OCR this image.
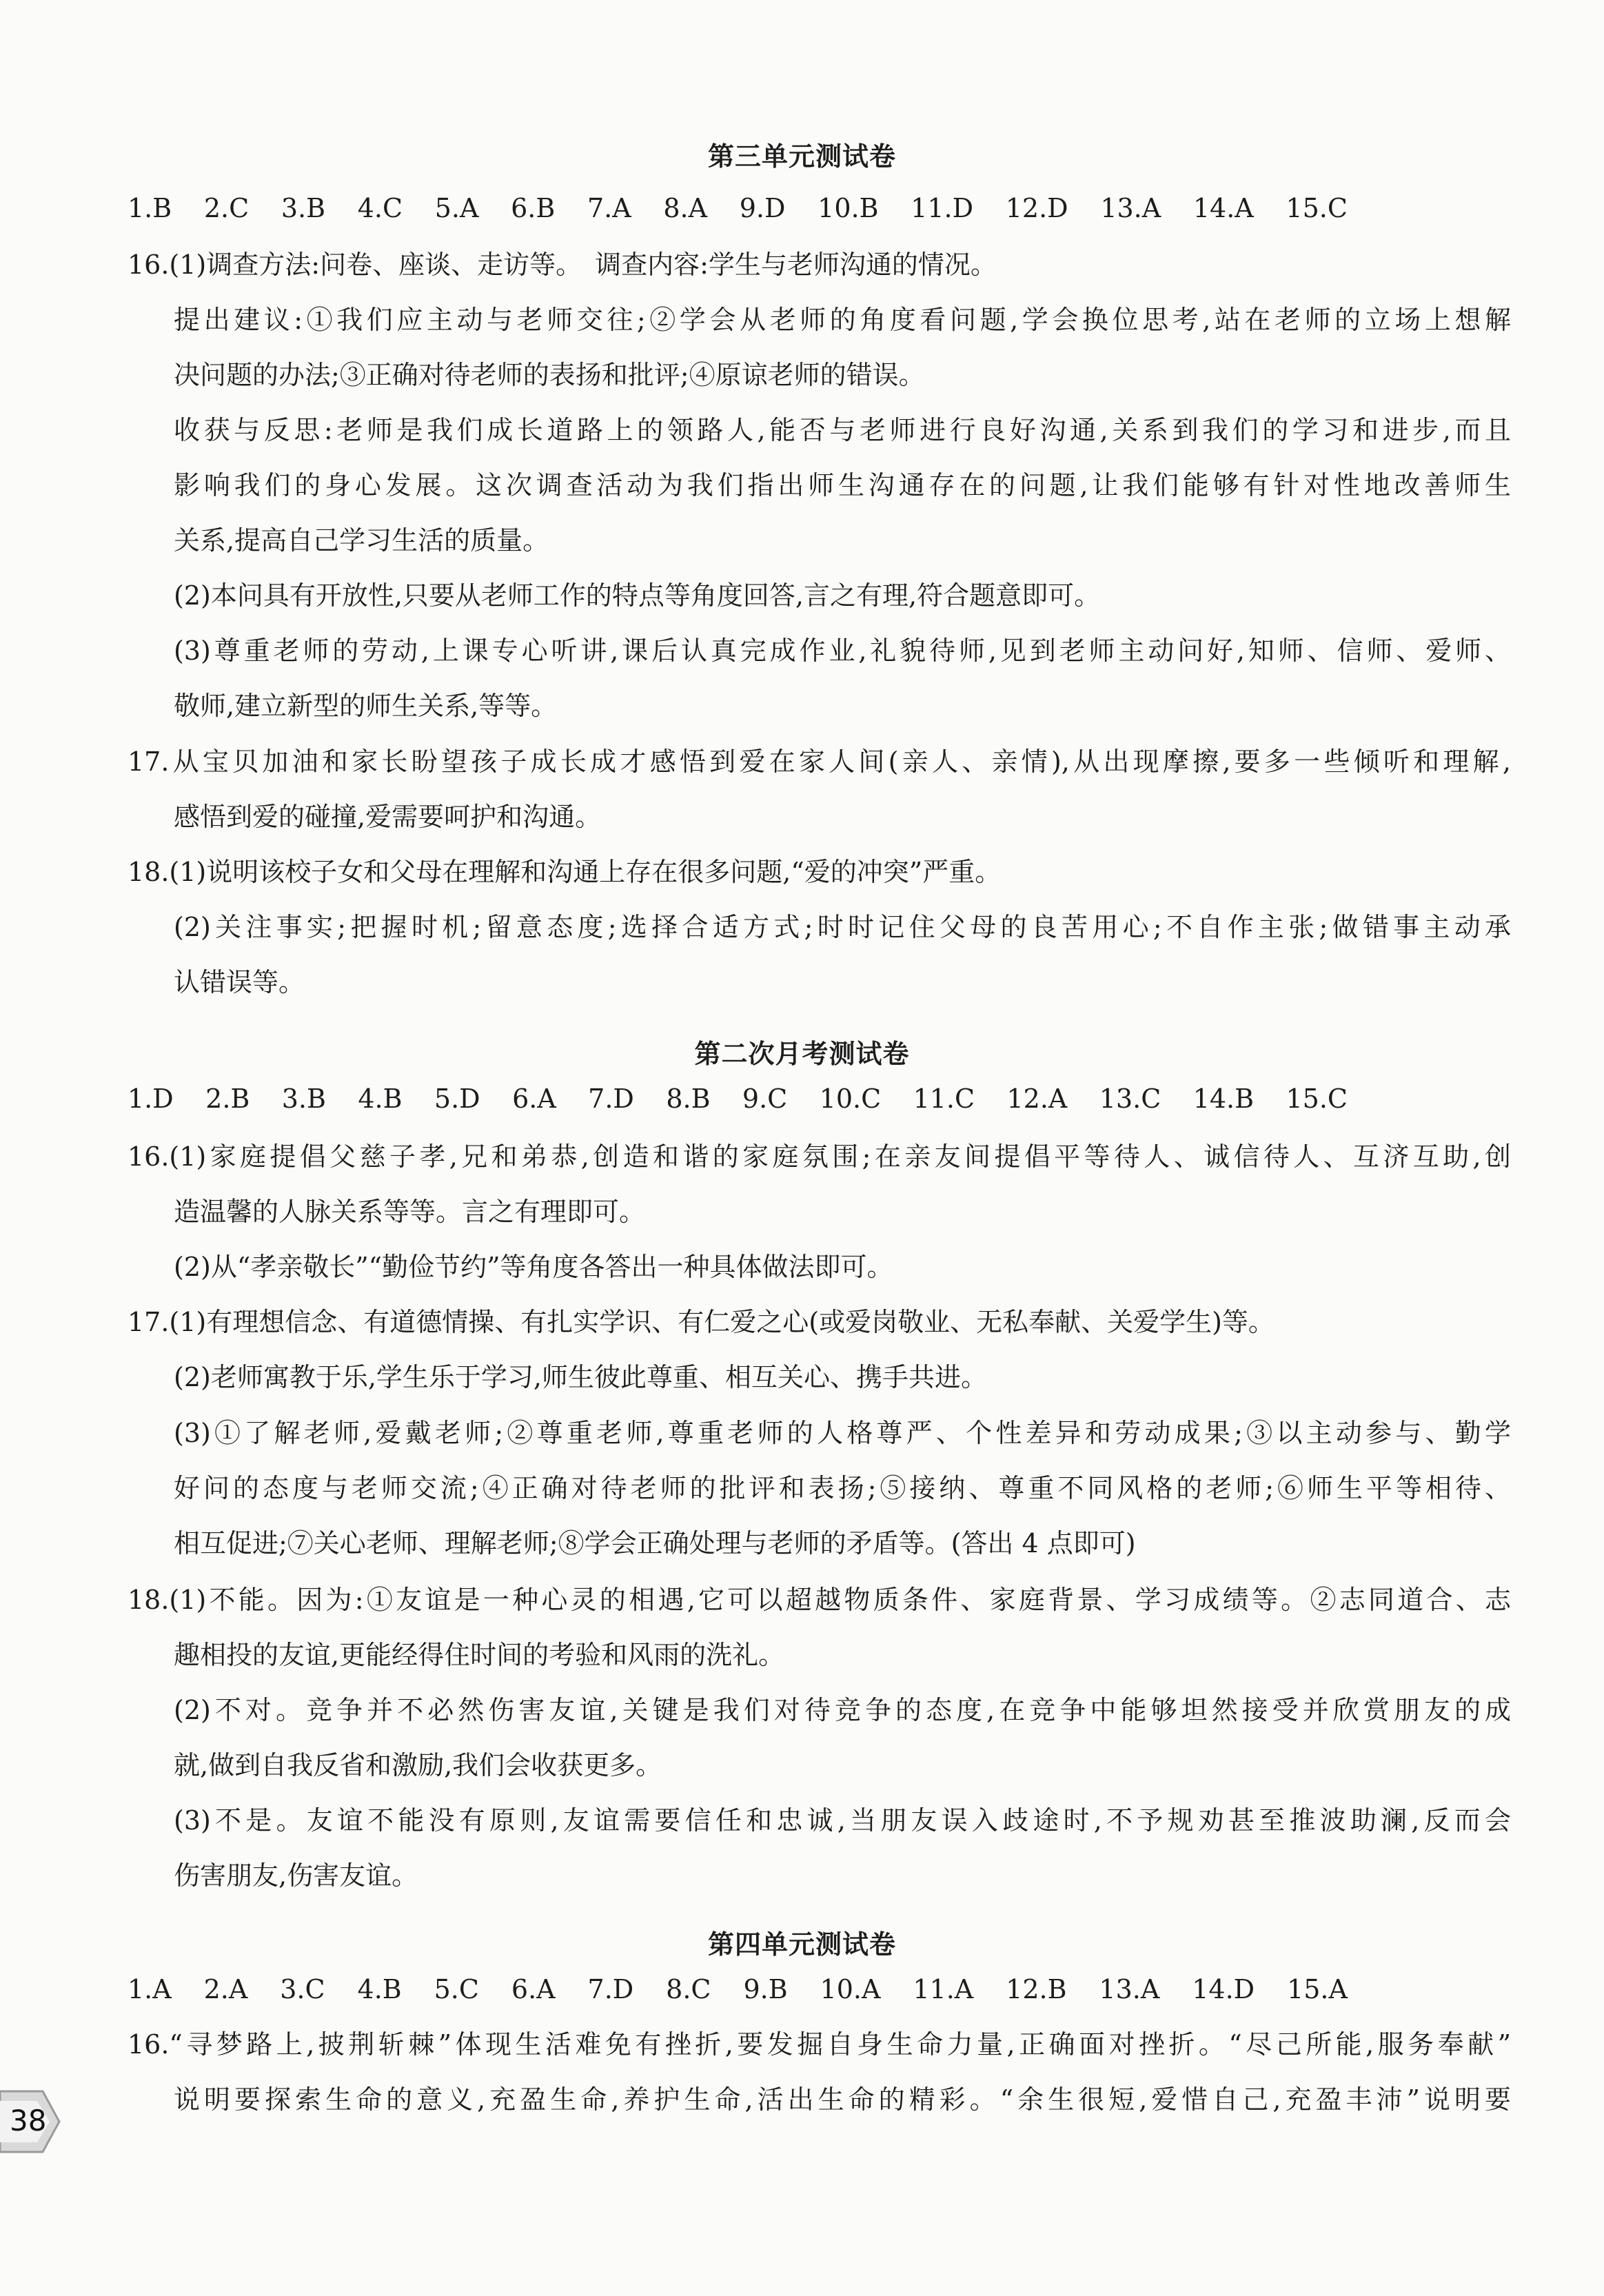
第三单元测试卷
1.B 2.C 3.B 4.C 5.A 6.B 7.A 8.A 9.D 10.B 11.D 12.D 13.A 14.A 15.C
16.(1)调查方法:问卷、座谈、走访等。　调查内容:学生与老师沟通的情况。
提出建议:①我们应主动与老师交往;②学会从老师的角度看问题,学会换位思考,站在老师的立场上想解
决问题的办法;③正确对待老师的表扬和批评;④原谅老师的错误。
收获与反思:老师是我们成长道路上的领路人,能否与老师进行良好沟通,关系到我们的学习和进步,而且
影响我们的身心发展。这次调查活动为我们指出师生沟通存在的问题,让我们能够有针对性地改善师生
关系,提高自己学习生活的质量。
(2)本问具有开放性,只要从老师工作的特点等角度回答,言之有理,符合题意即可。
(3)尊重老师的劳动,上课专心听讲,课后认真完成作业,礼貌待师,见到老师主动问好,知师、信师、爱师、
敬师,建立新型的师生关系,等等。
17.从宝贝加油和家长盼望孩子成长成才感悟到爱在家人间(亲人、亲情),从出现摩擦,要多一些倾听和理解,
感悟到爱的碰撞,爱需要呵护和沟通。
18.(1)说明该校子女和父母在理解和沟通上存在很多问题,“爱的冲突”严重。
(2)关注事实;把握时机;留意态度;选择合适方式;时时记住父母的良苦用心;不自作主张;做错事主动承
认错误等。
第二次月考测试卷
1.D 2.B 3.B 4.B 5.D 6.A 7.D 8.B 9.C 10.C 11.C 12.A 13.C 14.B 15.C
16.(1)家庭提倡父慈子孝,兄和弟恭,创造和谐的家庭氛围;在亲友间提倡平等待人、诚信待人、互济互助,创
造温馨的人脉关系等等。言之有理即可。
(2)从“孝亲敬长”“勤俭节约”等角度各答出一种具体做法即可。
17.(1)有理想信念、有道德情操、有扎实学识、有仁爱之心(或爱岗敬业、无私奉献、关爱学生)等。
(2)老师寓教于乐,学生乐于学习,师生彼此尊重、相互关心、携手共进。
(3)①了解老师,爱戴老师;②尊重老师,尊重老师的人格尊严、个性差异和劳动成果;③以主动参与、勤学
好问的态度与老师交流;④正确对待老师的批评和表扬;⑤接纳、尊重不同风格的老师;⑥师生平等相待、
相互促进;⑦关心老师、理解老师;⑧学会正确处理与老师的矛盾等。(答出 4 点即可)
18.(1)不能。因为:①友谊是一种心灵的相遇,它可以超越物质条件、家庭背景、学习成绩等。②志同道合、志
趣相投的友谊,更能经得住时间的考验和风雨的洗礼。
(2)不对。竞争并不必然伤害友谊,关键是我们对待竞争的态度,在竞争中能够坦然接受并欣赏朋友的成
就,做到自我反省和激励,我们会收获更多。
(3)不是。友谊不能没有原则,友谊需要信任和忠诚,当朋友误入歧途时,不予规劝甚至推波助澜,反而会
伤害朋友,伤害友谊。
第四单元测试卷
1.A 2.A 3.C 4.B 5.C 6.A 7.D 8.C 9.B 10.A 11.A 12.B 13.A 14.D 15.A
16.“寻梦路上,披荆斩棘”体现生活难免有挫折,要发掘自身生命力量,正确面对挫折。“尽己所能,服务奉献”
说明要探索生命的意义,充盈生命,养护生命,活出生命的精彩。“余生很短,爱惜自己,充盈丰沛”说明要
38
